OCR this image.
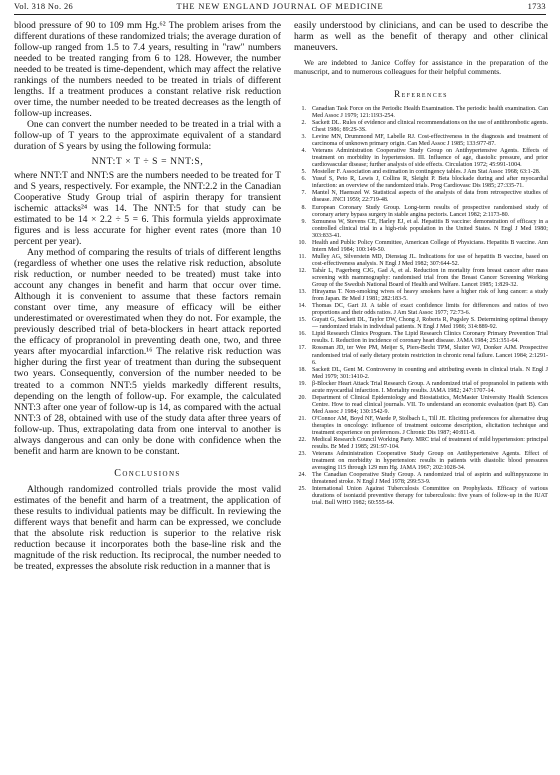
Vol. 318 No. 26	THE NEW ENGLAND JOURNAL OF MEDICINE	1733

blood pressure of 90 to 109 mm Hg.⁶² The problem arises from the different durations of these randomized trials; the average duration of follow-up ranged from 1.5 to 7.4 years, resulting in "raw" numbers needed to be treated ranging from 6 to 128. However, the number needed to be treated is time-dependent, which may affect the relative rankings of the numbers needed to be treated in trials of different lengths. If a treatment produces a constant relative risk reduction over time, the number needed to be treated decreases as the length of follow-up increases.

One can convert the number needed to be treated in a trial with a follow-up of T years to the approximate equivalent of a standard duration of S years by using the following formula:

NNT:T × T ÷ S = NNT:S,

where NNT:T and NNT:S are the numbers needed to be treated for T and S years, respectively. For example, the NNT:2.2 in the Canadian Cooperative Study Group trial of aspirin therapy for transient ischemic attacks²⁴ was 14. The NNT:5 for that study can be estimated to be 14 × 2.2 ÷ 5 = 6. This formula yields approximate figures and is less accurate for higher event rates (more than 10 percent per year).

Any method of comparing the results of trials of different lengths (regardless of whether one uses the relative risk reduction, absolute risk reduction, or number needed to be treated) must take into account any changes in benefit and harm that occur over time. Although it is convenient to assume that these factors remain constant over time, any measure of efficacy will be either underestimated or overestimated when they do not. For example, the previously described trial of beta-blockers in heart attack reported the efficacy of propranolol in preventing death one, two, and three years after myocardial infarction.¹⁶ The relative risk reduction was higher during the first year of treatment than during the subsequent two years. Consequently, conversion of the number needed to be treated to a common NNT:5 yields markedly different results, depending on the length of follow-up. For example, the calculated NNT:3 after one year of follow-up is 14, as compared with the actual NNT:3 of 28, obtained with use of the study data after three years of follow-up. Thus, extrapolating data from one interval to another is always dangerous and can only be done with confidence when the benefit and harm are known to be constant.

Conclusions

Although randomized controlled trials provide the most valid estimates of the benefit and harm of a treatment, the application of these results to individual patients may be difficult. In reviewing the different ways that benefit and harm can be expressed, we conclude that the absolute risk reduction is superior to the relative risk reduction because it incorporates both the base-line risk and the magnitude of the risk reduction. Its reciprocal, the number needed to be treated, expresses the absolute risk reduction in a manner that is

easily understood by clinicians, and can be used to describe the harm as well as the benefit of therapy and other clinical maneuvers.

We are indebted to Janice Coffey for assistance in the preparation of the manuscript, and to numerous colleagues for their helpful comments.

References
1. Canadian Task Force on the Periodic Health Examination. The periodic health examination. Can Med Assoc J 1979; 121:1193-254.
2. Sackett DL. Rules of evidence and clinical recommendations on the use of antithrombotic agents. Chest 1986; 89:2S-3S.
3. Levine MN, Drummond MF, Labelle RJ. Cost-effectiveness in the diagnosis and treatment of carcinoma of unknown primary origin. Can Med Assoc J 1985; 133:977-87.
4. Veterans Administration Cooperative Study Group on Antihypertensive Agents. Effects of treatment on morbidity in hypertension. III. Influence of age, diastolic pressure, and prior cardiovascular disease; further analysis of side effects. Circulation 1972; 45:991-1004.
5. Mosteller F. Association and estimation in contingency tables. J Am Stat Assoc 1968; 63:1-28.
6. Yusuf S, Peto R, Lewis J, Collins R, Sleight P. Beta blockade during and after myocardial infarction: an overview of the randomized trials. Prog Cardiovasc Dis 1985; 27:335-71.
7. Mantel N, Haenszel W. Statistical aspects of the analysis of data from retrospective studies of disease. JNCI 1959; 22:719-48.
8. European Coronary Study Group. Long-term results of prospective randomised study of coronary artery bypass surgery in stable angina pectoris. Lancet 1982; 2:1173-80.
9. Szmuness W, Stevens CE, Harley EJ, et al. Hepatitis B vaccine: demonstration of efficacy in a controlled clinical trial in a high-risk population in the United States. N Engl J Med 1980; 303:833-41.
10. Health and Public Policy Committee, American College of Physicians. Hepatitis B vaccine. Ann Intern Med 1984; 100:149-50.
11. Mulley AG, Silverstein MD, Dienstag JL. Indications for use of hepatitis B vaccine, based on cost-effectiveness analysis. N Engl J Med 1982; 307:644-52.
12. Tabár L, Fagerberg CJG, Gad A, et al. Reduction in mortality from breast cancer after mass screening with mammography: randomised trial from the Breast Cancer Screening Working Group of the Swedish National Board of Health and Welfare. Lancet 1985; 1:829-32.
13. Hirayama T. Non-smoking wives of heavy smokers have a higher risk of lung cancer: a study from Japan. Br Med J 1981; 282:183-5.
14. Thomas DC, Gart JJ. A table of exact confidence limits for differences and ratios of two proportions and their odds ratios. J Am Stat Assoc 1977; 72:73-6.
15. Guyatt G, Sackett DL, Taylor DW, Chong J, Roberts R, Pugsley S. Determining optimal therapy — randomized trials in individual patients. N Engl J Med 1986; 314:889-92.
16. Lipid Research Clinics Program. The Lipid Research Clinics Coronary Primary Prevention Trial results. I. Reduction in incidence of coronary heart disease. JAMA 1984; 251:351-64.
17. Rossman JD, ter Wee PM, Meijer S, Piers-Becht TPM, Sluiter WJ, Donker AJM. Prospective randomised trial of early dietary protein restriction in chronic renal failure. Lancet 1984; 2:1291-6.
18. Sackett DL, Gent M. Controversy in counting and attributing events in clinical trials. N Engl J Med 1979; 301:1410-2.
19. β-Blocker Heart Attack Trial Research Group. A randomized trial of propranolol in patients with acute myocardial infarction. I. Mortality results. JAMA 1982; 247:1707-14.
20. Department of Clinical Epidemiology and Biostatistics, McMaster University Health Sciences Centre. How to read clinical journals. VII. To understand an economic evaluation (part B). Can Med Assoc J 1984; 130:1542-9.
21. O'Connor AM, Boyd NF, Warde P, Stolbach L, Till JE. Eliciting preferences for alternative drug therapies in oncology: influence of treatment outcome description, elicitation technique and treatment experience on preferences. J Chronic Dis 1987; 40:811-8.
22. Medical Research Council Working Party. MRC trial of treatment of mild hypertension: principal results. Br Med J 1985; 291:97-104.
23. Veterans Administration Cooperative Study Group on Antihypertensive Agents. Effect of treatment on morbidity in hypertension: results in patients with diastolic blood pressures averaging 115 through 129 mm Hg. JAMA 1967; 202:1028-34.
24. The Canadian Cooperative Study Group. A randomized trial of aspirin and sulfinpyrazone in threatened stroke. N Engl J Med 1978; 299:53-9.
25. International Union Against Tuberculosis Committee on Prophylaxis. Efficacy of various durations of isoniazid preventive therapy for tuberculosis: five years of follow-up in the IUAT trial. Bull WHO 1982; 60:555-64.
